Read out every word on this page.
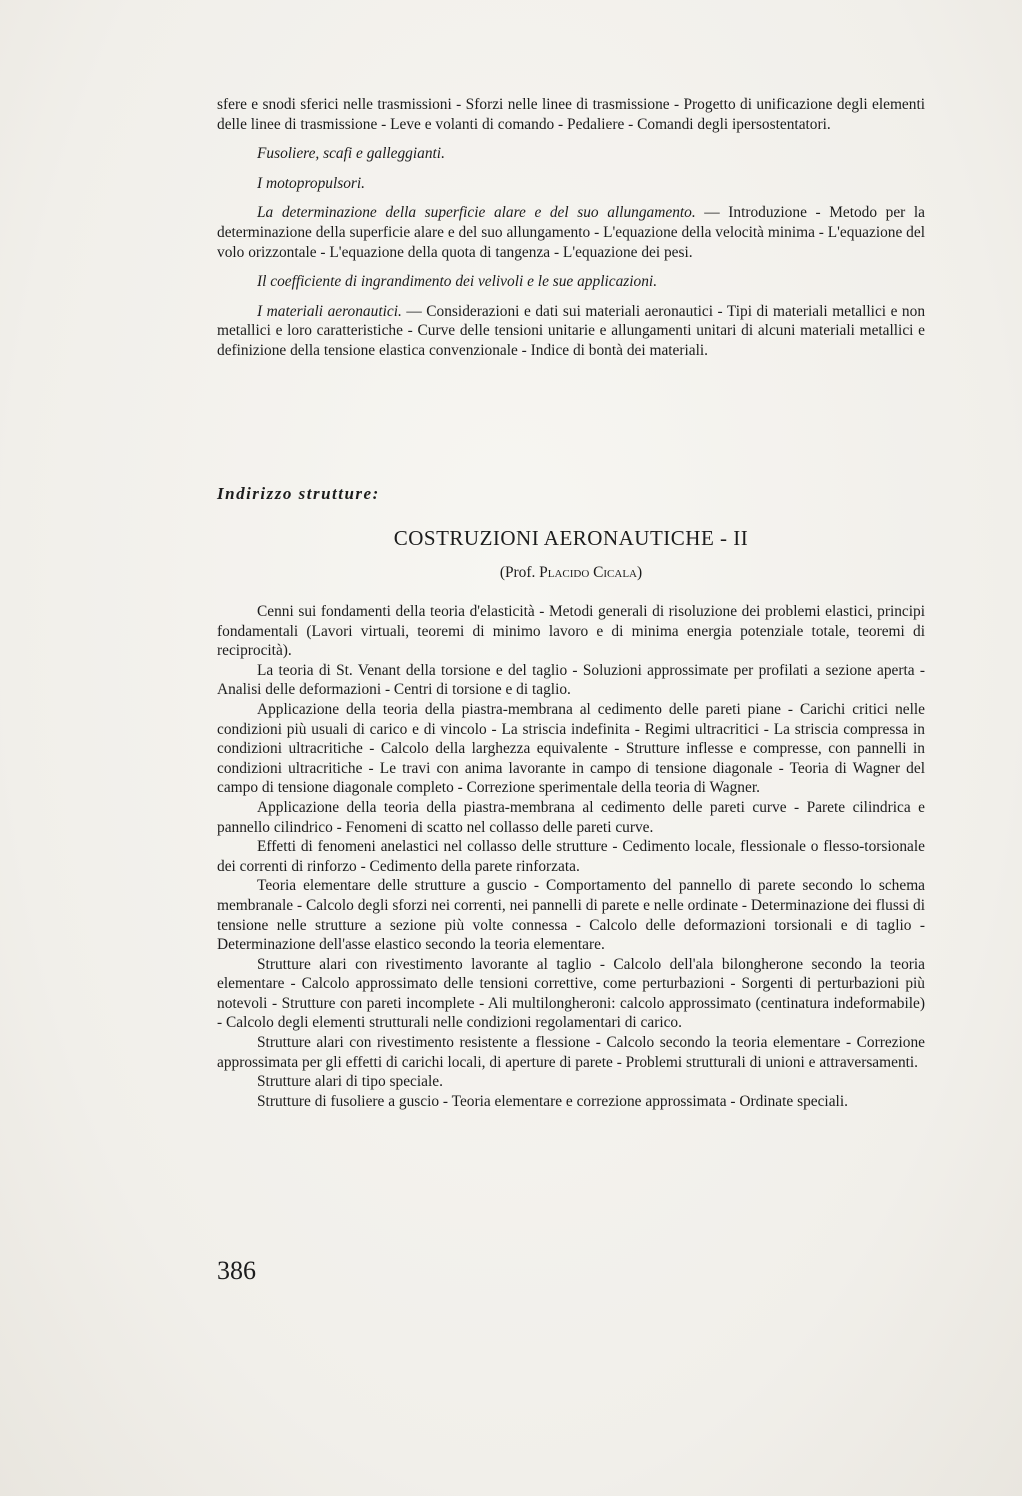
sfere e snodi sferici nelle trasmissioni - Sforzi nelle linee di trasmissione - Progetto di unificazione degli elementi delle linee di trasmissione - Leve e volanti di comando - Pedaliere - Comandi degli ipersostentatori.

Fusoliere, scafi e galleggianti.

I motopropulsori.

La determinazione della superficie alare e del suo allungamento. — Introduzione - Metodo per la determinazione della superficie alare e del suo allungamento - L'equazione della velocità minima - L'equazione del volo orizzontale - L'equazione della quota di tangenza - L'equazione dei pesi.

Il coefficiente di ingrandimento dei velivoli e le sue applicazioni.

I materiali aeronautici. — Considerazioni e dati sui materiali aeronautici - Tipi di materiali metallici e non metallici e loro caratteristiche - Curve delle tensioni unitarie e allungamenti unitari di alcuni materiali metallici e definizione della tensione elastica convenzionale - Indice di bontà dei materiali.

Indirizzo strutture:
COSTRUZIONI AERONAUTICHE - II
(Prof. Placido Cicala)

Cenni sui fondamenti della teoria d'elasticità - Metodi generali di risoluzione dei problemi elastici, principi fondamentali (Lavori virtuali, teoremi di minimo lavoro e di minima energia potenziale totale, teoremi di reciprocità).

La teoria di St. Venant della torsione e del taglio - Soluzioni approssimate per profilati a sezione aperta - Analisi delle deformazioni - Centri di torsione e di taglio.

Applicazione della teoria della piastra-membrana al cedimento delle pareti piane - Carichi critici nelle condizioni più usuali di carico e di vincolo - La striscia indefinita - Regimi ultracritici - La striscia compressa in condizioni ultracritiche - Calcolo della larghezza equivalente - Strutture inflesse e compresse, con pannelli in condizioni ultracritiche - Le travi con anima lavorante in campo di tensione diagonale - Teoria di Wagner del campo di tensione diagonale completo - Correzione sperimentale della teoria di Wagner.

Applicazione della teoria della piastra-membrana al cedimento delle pareti curve - Parete cilindrica e pannello cilindrico - Fenomeni di scatto nel collasso delle pareti curve.

Effetti di fenomeni anelastici nel collasso delle strutture - Cedimento locale, flessionale o flesso-torsionale dei correnti di rinforzo - Cedimento della parete rinforzata.

Teoria elementare delle strutture a guscio - Comportamento del pannello di parete secondo lo schema membranale - Calcolo degli sforzi nei correnti, nei pannelli di parete e nelle ordinate - Determinazione dei flussi di tensione nelle strutture a sezione più volte connessa - Calcolo delle deformazioni torsionali e di taglio - Determinazione dell'asse elastico secondo la teoria elementare.

Strutture alari con rivestimento lavorante al taglio - Calcolo dell'ala bilongherone secondo la teoria elementare - Calcolo approssimato delle tensioni correttive, come perturbazioni - Sorgenti di perturbazioni più notevoli - Strutture con pareti incomplete - Ali multilongheroni: calcolo approssimato (centinatura indeformabile) - Calcolo degli elementi strutturali nelle condizioni regolamentari di carico.

Strutture alari con rivestimento resistente a flessione - Calcolo secondo la teoria elementare - Correzione approssimata per gli effetti di carichi locali, di aperture di parete - Problemi strutturali di unioni e attraversamenti.

Strutture alari di tipo speciale.

Strutture di fusoliere a guscio - Teoria elementare e correzione approssimata - Ordinate speciali.

386
